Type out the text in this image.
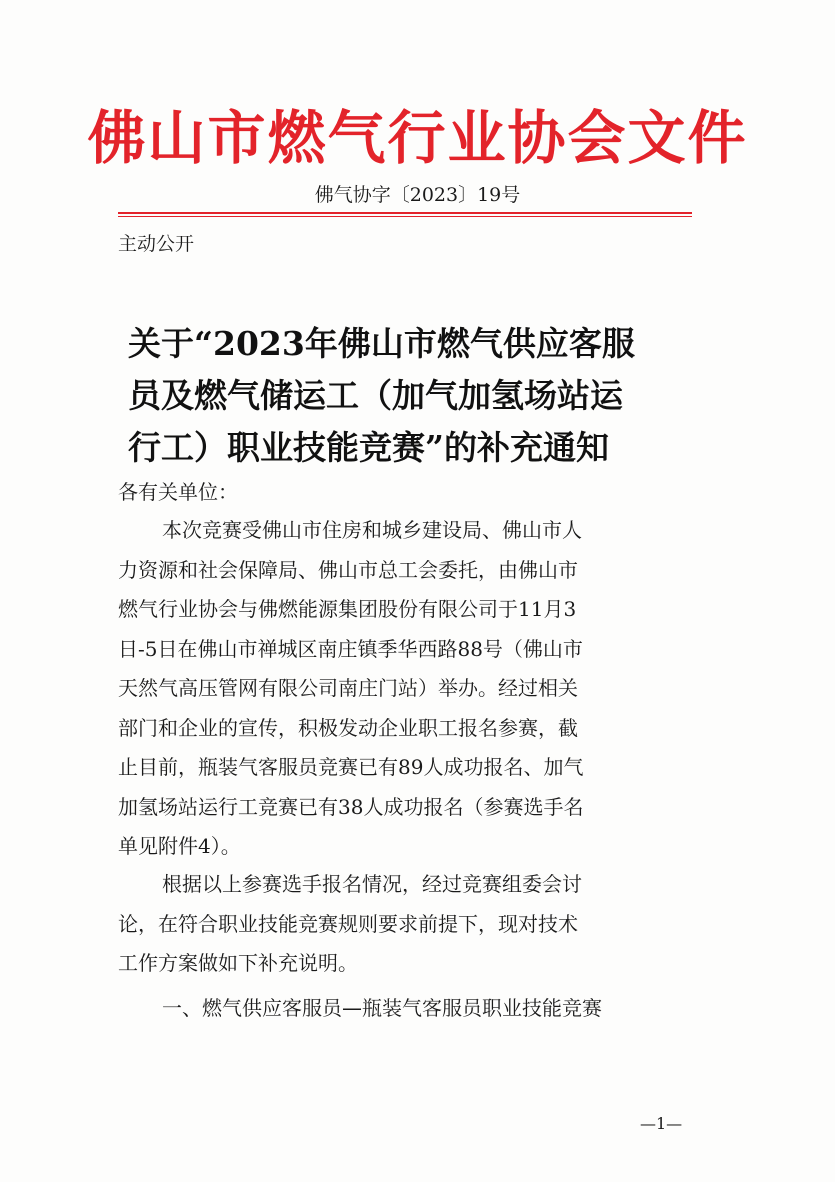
佛山市燃气行业协会文件
佛气协字〔2023〕19号
主动公开
关于“2023年佛山市燃气供应客服
员及燃气储运工（加气加氢场站运
行工）职业技能竞赛”的补充通知
各有关单位：
本次竞赛受佛山市住房和城乡建设局、佛山市人
力资源和社会保障局、佛山市总工会委托，由佛山市
燃气行业协会与佛燃能源集团股份有限公司于11月3
日-5日在佛山市禅城区南庄镇季华西路88号（佛山市
天然气高压管网有限公司南庄门站）举办。经过相关
部门和企业的宣传，积极发动企业职工报名参赛，截
止目前，瓶装气客服员竞赛已有89人成功报名、加气
加氢场站运行工竞赛已有38人成功报名（参赛选手名
单见附件4）。
根据以上参赛选手报名情况，经过竞赛组委会讨
论，在符合职业技能竞赛规则要求前提下，现对技术
工作方案做如下补充说明。
一、燃气供应客服员—瓶装气客服员职业技能竞赛
—1—
